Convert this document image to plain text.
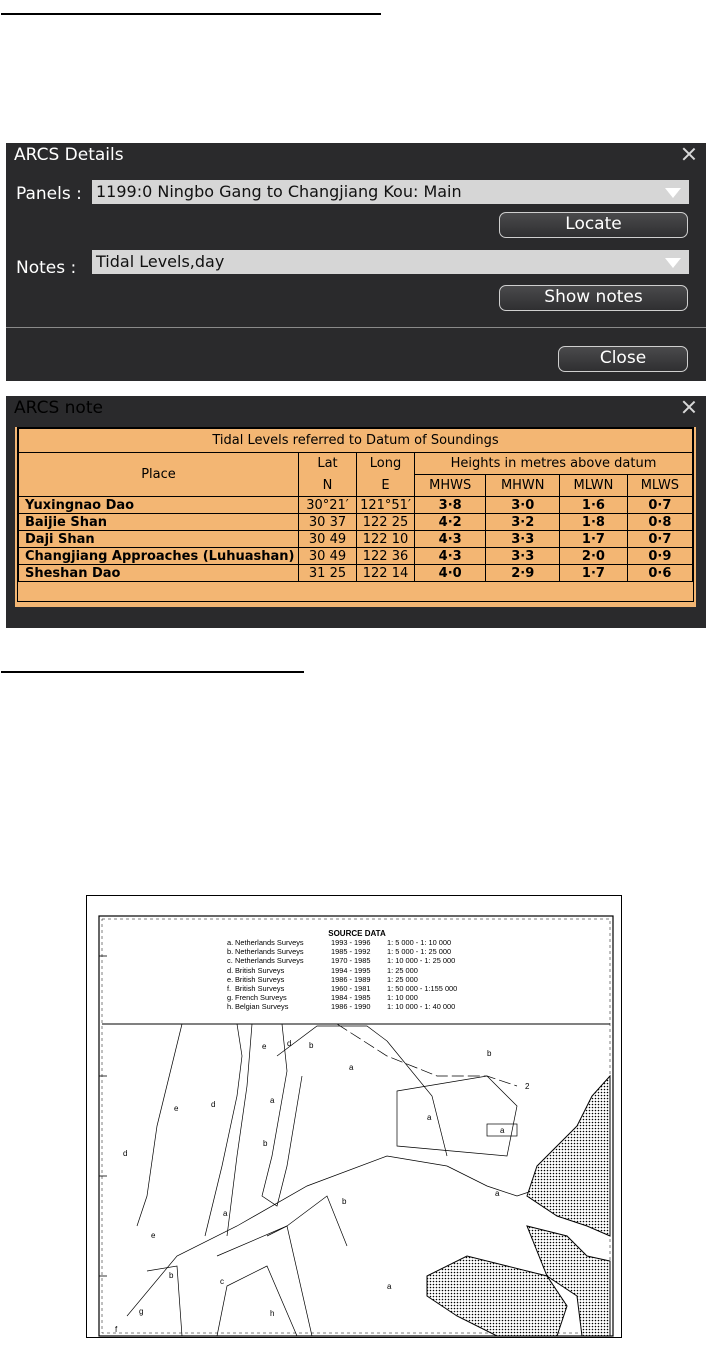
ARCS Details
Panels : 1199:0 Ningbo Gang to Changjiang Kou: Main
Locate
Notes : Tidal Levels,day
Show notes
Close
ARCS note
Tidal Levels referred to Datum of Soundings						
Place	Lat	Long	Heights in metres above datum			
	N	E	MHWS	MHWN	MLWN	MLWS
Yuxingnao Dao	30°21′	121°51′	3·8	3·0	1·6	0·7
Baijie Shan	30 37	122 25	4·2	3·2	1·8	0·8
Daji Shan	30 49	122 10	4·3	3·3	1·7	0·7
Changjiang Approaches (Luhuashan)	30 49	122 36	4·3	3·3	2·0	0·9
Sheshan Dao	31 25	122 14	4·0	2·9	1·7	0·6
e	d b
a
b
2
e	d	a
a
a
b
d
a
b
a
e
b
c
a
g	h
f
SOURCE DATA
a. Netherlands Surveys	1993 - 1996	1: 5 000 - 1: 10 000
b. Netherlands Surveys	1985 - 1992	1: 5 000 - 1: 25 000
c. Netherlands Surveys	1970 - 1985	1: 10 000 - 1: 25 000
d. British Surveys	1994 - 1995	1: 25 000
e. British Surveys	1986 - 1989	1: 25 000
f. British Surveys	1960 - 1981	1: 50 000 - 1:155 000
g. French Surveys	1984 - 1985	1: 10 000
h. Belgian Surveys	1986 - 1990	1: 10 000 - 1: 40 000
